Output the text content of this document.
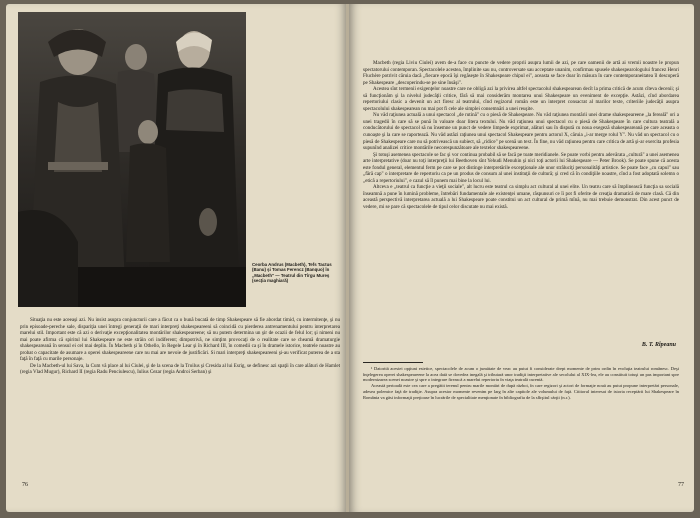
Ceorba Andrus (Macbeth), Tefs Tactus (Banu) şi Tomas Ferencz (Banquo) în „Macbeth" — Teatrul din Tîrgu Mureş (secţia maghiară)

Situaţia nu este aceeaşi azi. Nu insist asupra conjuncturii care a făcut ca o bună bucată de timp Shakespeare să fie abordat timid, cu intermitenţe, şi nu prin episoade-pereche sale, dispariţia unei întregi generaţii de mari interpreţi shakespeareeni să coincidă cu pierderea antrenamentului pentru interpretarea marelui stil. Important este că azi o derivaţie excepţionalitatea montărilor shakespeareene; să nu putem determina un şir de ocazii de felul lor; şi nimeni nu mai poate afirma că spiritul lui Shakespeare ne este străin ori indiferent; dimpotrivă, ne simţim provocaţi de o realitate care se cheamă dramaturgie shakespeareană în sensul ei cel mai deplin. În Macbeth şi în Othello, în Regele Lear şi în Richard III, în comedii ca şi în dramele istorice, teatrele noastre au probat o capacitate de asumare a operei shakespeareene care nu mai are nevoie de justificări. Si mari interpreţi shakespeareeni şi-au verificat puterea de a sta faţă în faţă cu marile personaje.

De la Macbeth-ul lui Sava, la Cum vă place al lui Ciulei, şi de la scena de la Troilus şi Cresida al lui Esrig, se definesc azi spaţii în care alături de Hamlet (regia Vlad Mugur), Richard II (regia Radu Penciulescu), Iulius Cezar (regia Androi Serban) şi

76

Macbeth (regia Liviu Ciulei) avem de-a face cu puncte de vedere proprii asupra lumii de azi, pe care oamenii de artă ai vremii noastre le propun spectatorului contemporan. Spectacolele acestea, împlinite sau nu, controversate sau acceptate unanim, confirmau spusele shakespearologului francez Henri Fluchère potrivit căruia dacă „fiecare epocă îşi regăseşte în Shakespeare chipul ei", aceasta se face doar în măsura în care contemporaneitatea îl descoperă pe Shakespeare „descoperindu-se pe sine însăşi".

Acestea sînt termenii exigenţelor noastre care ne obligă azi la privirea altfel spectacolul shakespearean decît la prima critică de acum cîteva decenii; şi să funcţionăm şi la nivelul judecăţii critice, fără să mai considerăm montarea unui Shakespeare un eveniment de excepţie. Astăzi, cînd abordarea repertoriului clasic a devenit un act firesc al teatrului, cînd regizorul român este un interpret consacrat al marilor texte, criteriile judecăţii asupra spectacolului shakespearean nu mai pot fi cele ale simplei consemnări a unei reuşite.

Nu văd raţiunea actuală a unui spectacol „de rutină" cu o piesă de Shakespeare. Nu văd raţiunea montării unei drame shakespeareene „la fereală" ori a unei tragedii în care să se pună în valoare doar litera textului. Nu văd raţiunea unui spectacol cu o piesă de Shakespeare în care cultura teatrală a conducătorului de spectacol să nu însemne un punct de vedere limpede exprimat, alături sau în dispută cu noua exegeză shakespeareană pe care aceasta o cunoaşte şi la care se raportează. Nu văd astăzi raţiunea unui spectacol Shakespeare pentru actorul X, căruia „i-ar merge rolul Y". Nu văd un spectacol cu o piesă de Shakespeare care nu să potrivească un subiect, să „ridice" pe scenă un text. În fine, nu văd raţiunea pentru care critica de artă şi-ar exercita profesia supunînd analizei critice montările necorespunzătoare ale textelor shakespeareene.

Şi totuşi asemenea spectacole se fac şi vor continua probabil să se facă pe toate meridianele. Se poate vorbi pentru adevărata „cultură" a unei asemenea arte interpretative (doar nu toţi interpreţii lui Beethoven sînt Yehudi Menuhin şi nici toţi actorii lui Shakespeare — Peter Brook). Se poate spune că acesta este fondul general, elementul ferm pe care se pot distinge interpretările excepţionale ale unor străluciţi personalităţi artistice. Se poate face „cu capul" sau „fără cap" o interpretare de repertoriu ca pe un produs de consum al unei instituţii de cultură; şi cred că în condiţiile noastre, cînd a fost adoptată solemn o „etică a repertoriului", e cazul să îl punem mai bine la locul lui.

Altceva e „teatrul ca funcţie a vieţii sociale", alt lucru este teatrul ca simplu act cultural al unei elite. Un teatru care să împlinească funcţia sa socială înseamnă a pune în lumină probleme, întrebări fundamentale ale existenţei umane, răspunsuri ce îi pot fi oferite de creaţia dramatică de mare clasă. Că din această perspectivă interpretarea actuală a lui Shakespeare poate constitui un act cultural de primă mînă, nu mai trebuie demonstrat. Din acest punct de vedere, mi se pare că spectacolele de tipul celor discutate nu mai există.

B. T. Rîpeanu

¹ Datorită acestei opţiuni estetice, spectacolele de acum o jumătate de veac au putut fi considerate drept momente de prim ordin în evoluţia teatrului românesc. Deşi înţelegerea operei shakespeareene la acea dată se dovedea inegală şi tributară unor tradiţii interpretative ale secolului al XIX-lea, ele au constituit totuşi un pas important spre modernizarea scenei noastre şi spre o integrare firească a marelui repertoriu în viaţa teatrală curentă.

Această perioadă este cea care a pregătit terenul pentru marile montări de după război, în care regizori şi actori de formaţie nouă au putut propune interpretări personale, adesea polemice faţă de tradiţie. Asupra acestor momente revenim pe larg în alte capitole ale volumului de faţă. Cititorul interesat de istoria receptării lui Shakespeare în România va găsi informaţii preţioase în lucrările de specialitate menţionate în bibliografia de la sfîrşitul cărţii (n.r.).

77
